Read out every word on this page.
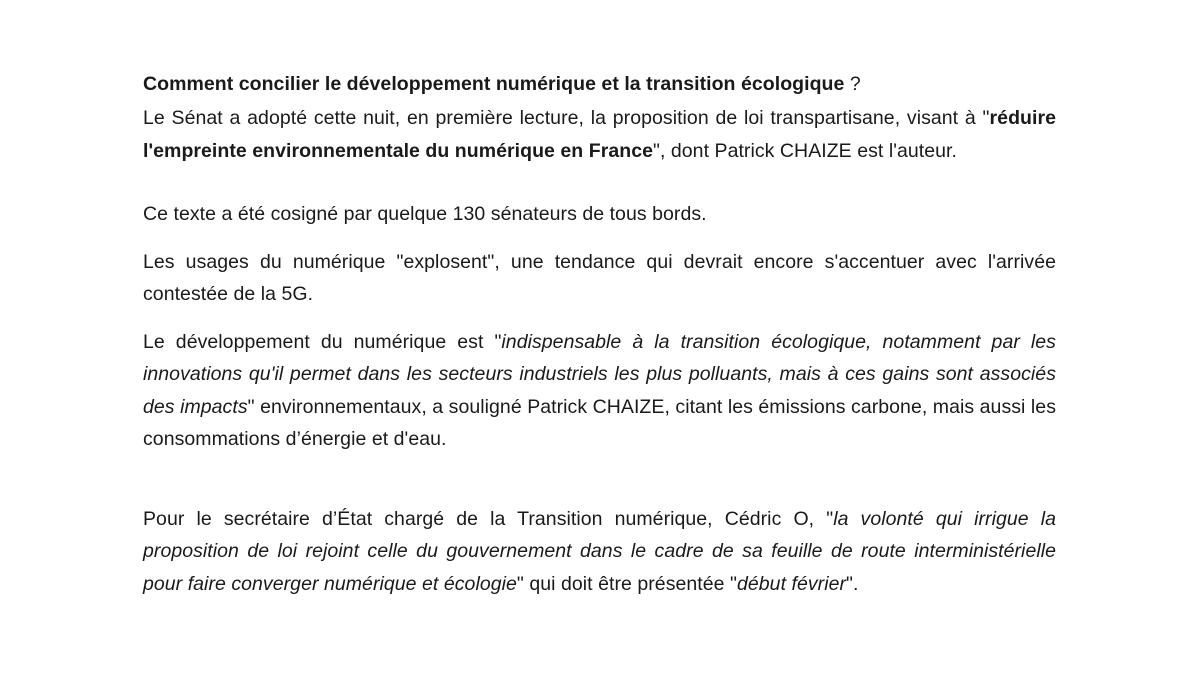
Comment concilier le développement numérique et la transition écologique ?

Le Sénat a adopté cette nuit, en première lecture, la proposition de loi transpartisane, visant à "réduire l'empreinte environnementale du numérique en France", dont Patrick CHAIZE est l'auteur.

Ce texte a été cosigné par quelque 130 sénateurs de tous bords.

Les usages du numérique "explosent", une tendance qui devrait encore s'accentuer avec l'arrivée contestée de la 5G.

Le développement du numérique est "indispensable à la transition écologique, notamment par les innovations qu'il permet dans les secteurs industriels les plus polluants, mais à ces gains sont associés des impacts" environnementaux, a souligné Patrick CHAIZE, citant les émissions carbone, mais aussi les consommations d’énergie et d'eau.

Pour le secrétaire d’État chargé de la Transition numérique, Cédric O, "la volonté qui irrigue la proposition de loi rejoint celle du gouvernement dans le cadre de sa feuille de route interministérielle pour faire converger numérique et écologie" qui doit être présentée "début février".
